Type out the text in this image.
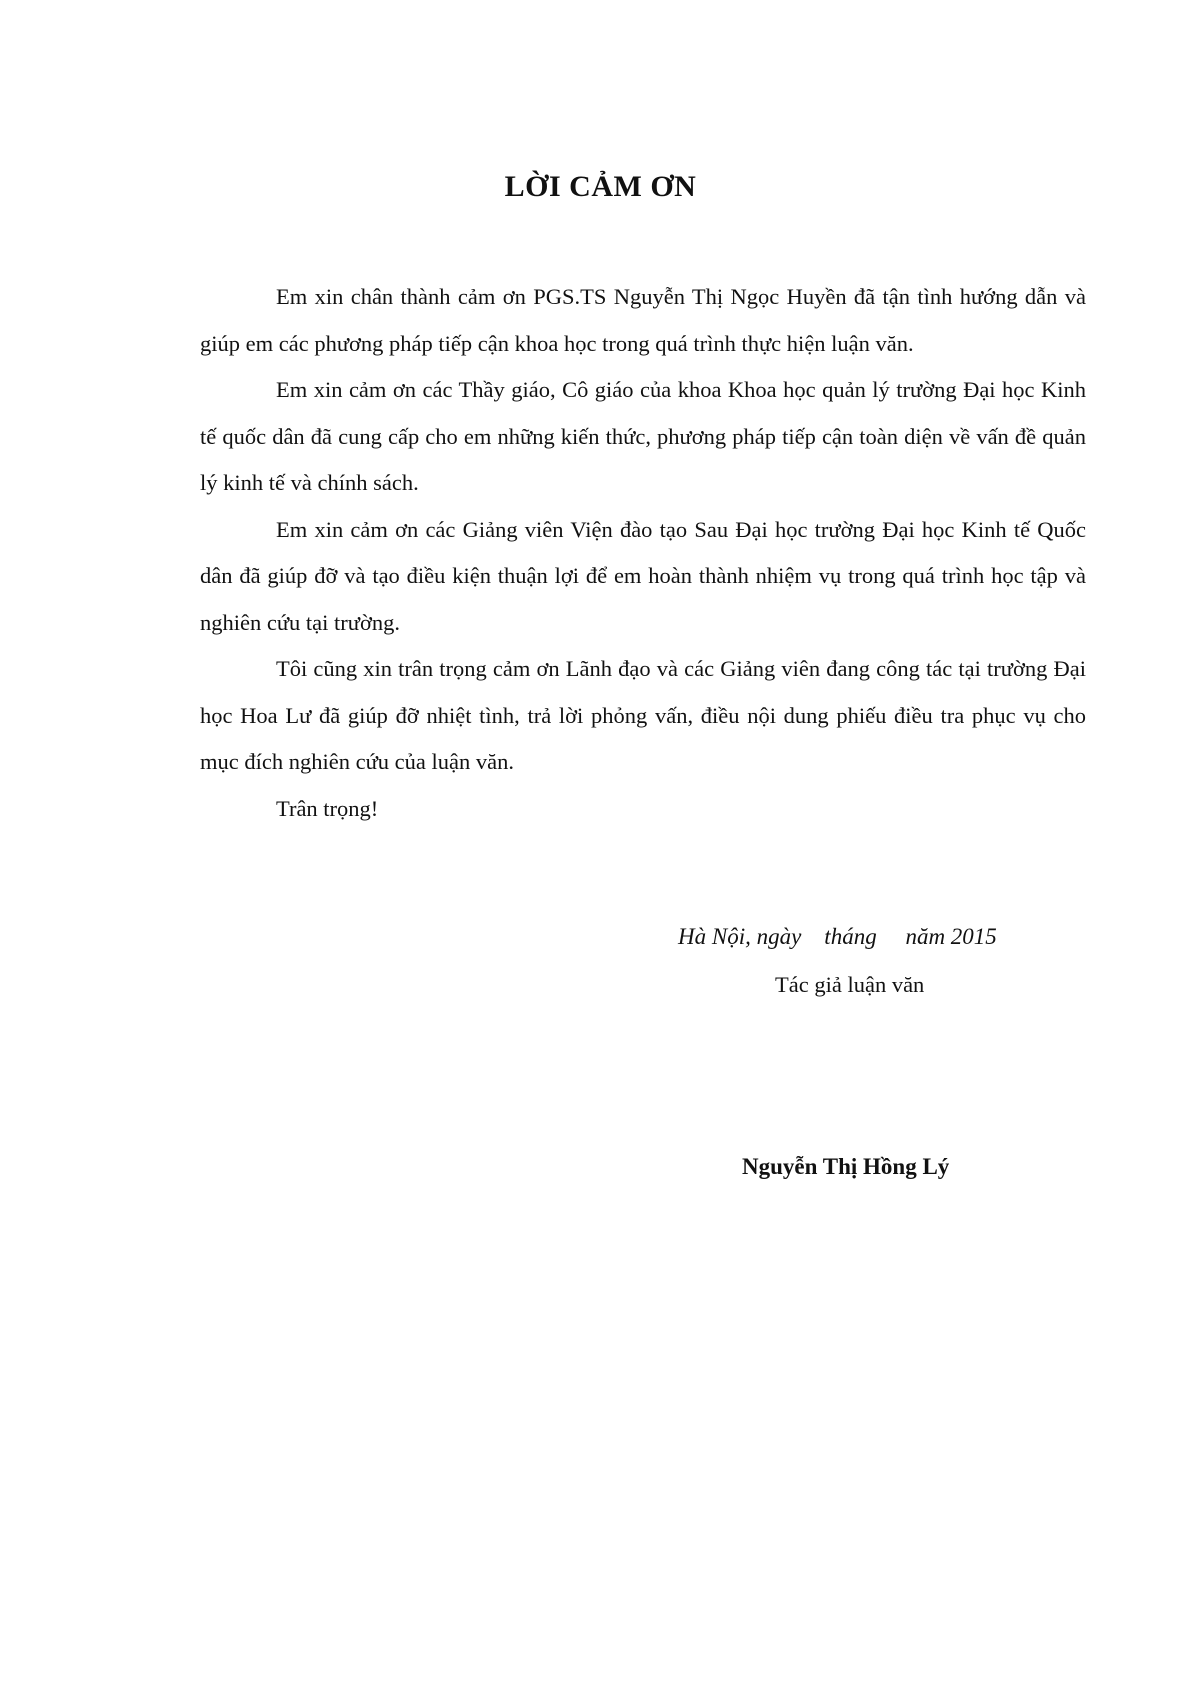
LỜI CẢM ƠN

Em xin chân thành cảm ơn PGS.TS Nguyễn Thị Ngọc Huyền đã tận tình hướng dẫn và giúp em các phương pháp tiếp cận khoa học trong quá trình thực hiện luận văn.

Em xin cảm ơn các Thầy giáo, Cô giáo của khoa Khoa học quản lý trường Đại học Kinh tế quốc dân đã cung cấp cho em những kiến thức, phương pháp tiếp cận toàn diện về vấn đề quản lý kinh tế và chính sách.

Em xin cảm ơn các Giảng viên Viện đào tạo Sau Đại học trường Đại học Kinh tế Quốc dân đã giúp đỡ và tạo điều kiện thuận lợi để em hoàn thành nhiệm vụ trong quá trình học tập và nghiên cứu tại trường.

Tôi cũng xin trân trọng cảm ơn Lãnh đạo và các Giảng viên đang công tác tại trường Đại học Hoa Lư đã giúp đỡ nhiệt tình, trả lời phỏng vấn, điều nội dung phiếu điều tra phục vụ cho mục đích nghiên cứu của luận văn.

Trân trọng!

Hà Nội, ngày    tháng     năm 2015
Tác giả luận văn
Nguyễn Thị Hồng Lý
